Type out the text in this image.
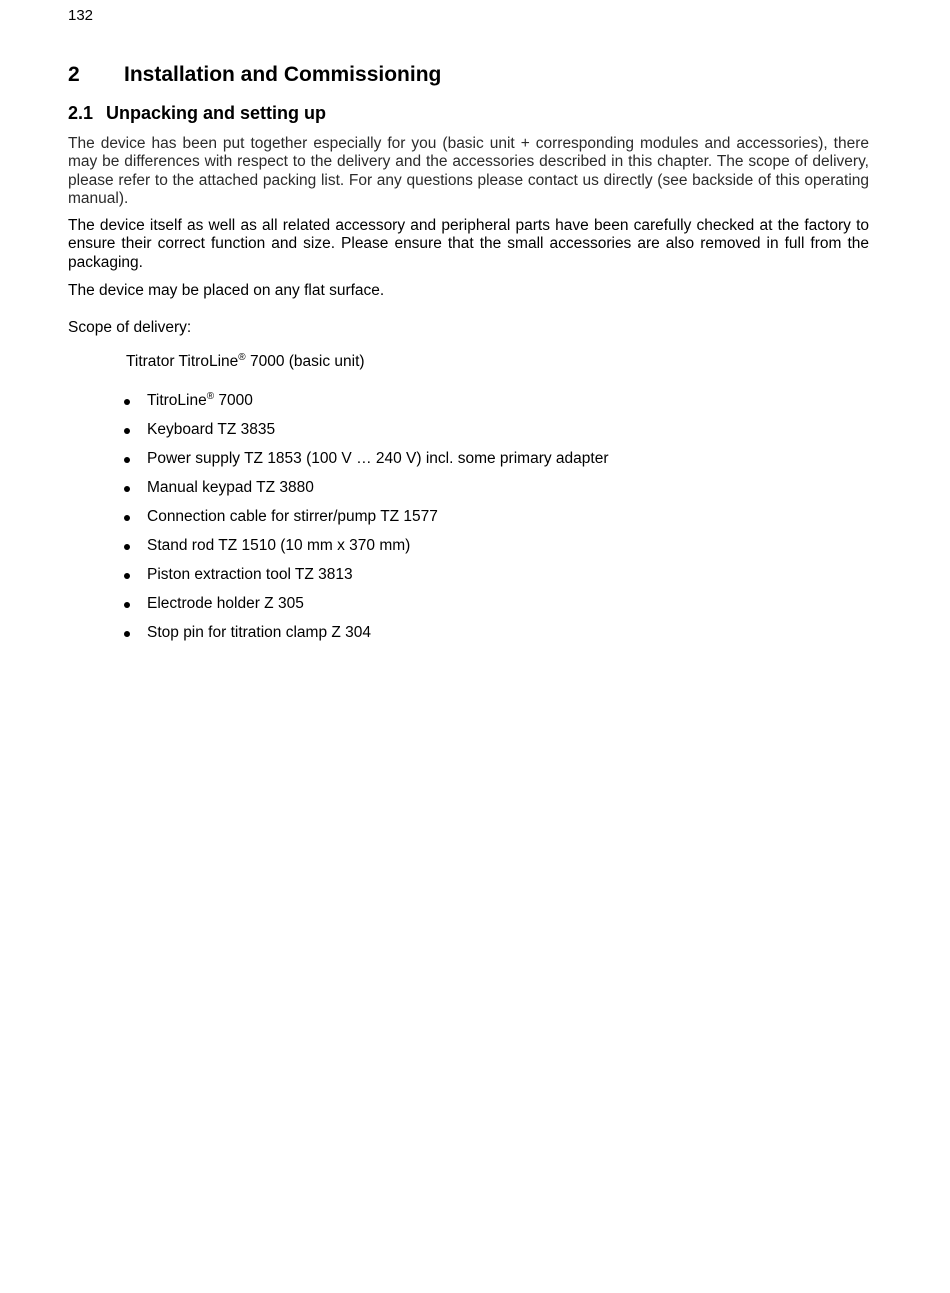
132
2 Installation and Commissioning
2.1 Unpacking and setting up

The device has been put together especially for you (basic unit + corresponding modules and accessories), there may be differences with respect to the delivery and the accessories described in this chapter. The scope of delivery, please refer to the attached packing list. For any questions please contact us directly (see backside of this operating manual).

The device itself as well as all related accessory and peripheral parts have been carefully checked at the factory to ensure their correct function and size. Please ensure that the small accessories are also removed in full from the packaging.

The device may be placed on any flat surface.

Scope of delivery:

Titrator TitroLine® 7000 (basic unit)
TitroLine® 7000
Keyboard TZ 3835
Power supply TZ 1853 (100 V … 240 V) incl. some primary adapter
Manual keypad TZ 3880
Connection cable for stirrer/pump TZ 1577
Stand rod TZ 1510 (10 mm x 370 mm)
Piston extraction tool TZ 3813
Electrode holder Z 305
Stop pin for titration clamp Z 304
